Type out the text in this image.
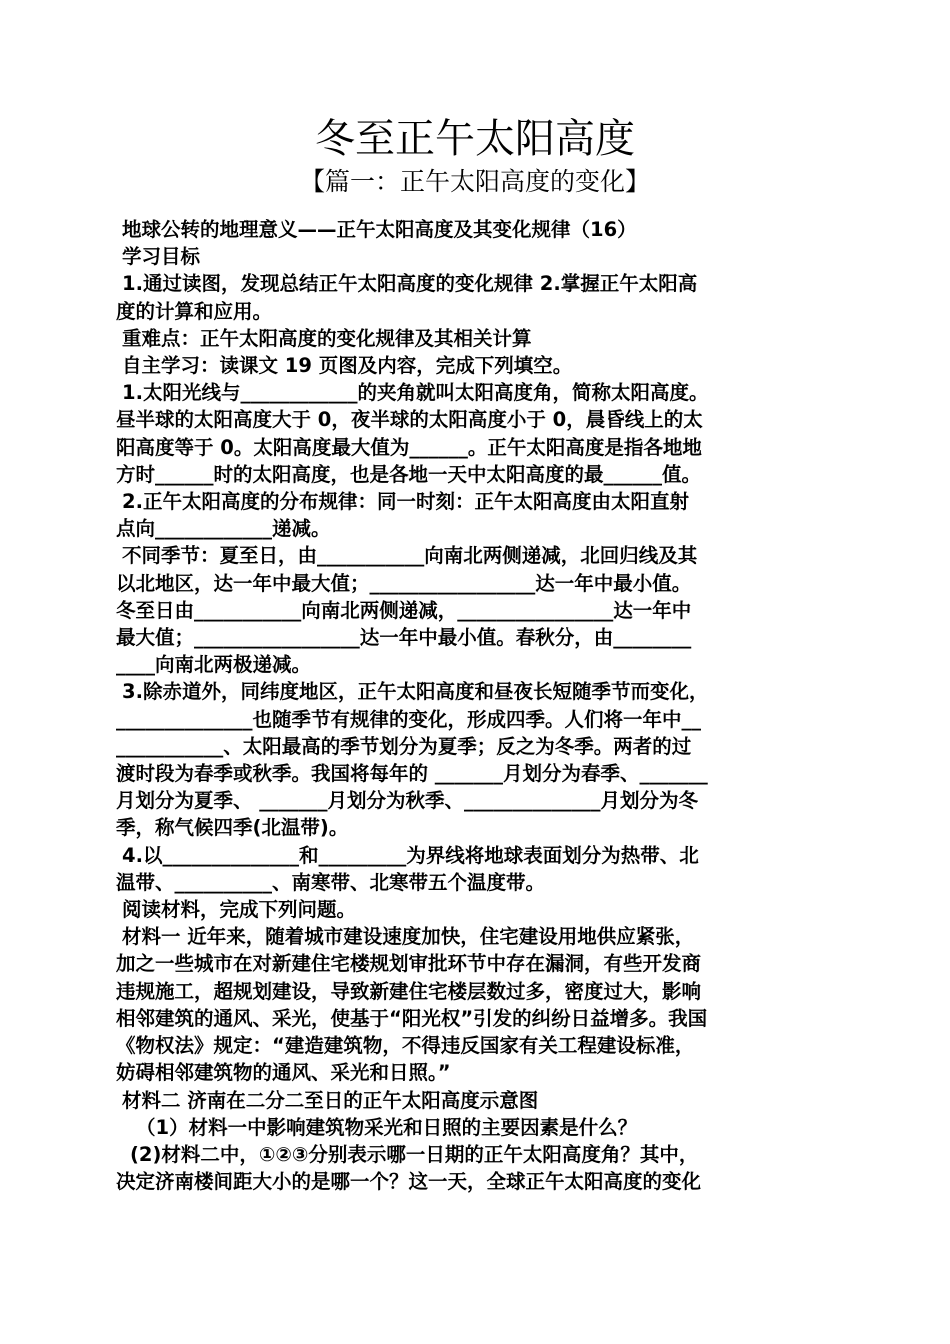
冬至正午太阳高度
【篇一：正午太阳高度的变化】

地球公转的地理意义——正午太阳高度及其变化规律（16）

学习目标

1.通过读图，发现总结正午太阳高度的变化规律 2.掌握正午太阳高

度的计算和应用。

重难点：正午太阳高度的变化规律及其相关计算

自主学习：读课文 19 页图及内容，完成下列填空。

1.太阳光线与____________的夹角就叫太阳高度角，简称太阳高度。

昼半球的太阳高度大于 0，夜半球的太阳高度小于 0，晨昏线上的太

阳高度等于 0。太阳高度最大值为______。正午太阳高度是指各地地

方时______时的太阳高度，也是各地一天中太阳高度的最______值。

2.正午太阳高度的分布规律：同一时刻：正午太阳高度由太阳直射

点向____________递减。

不同季节：夏至日，由___________向南北两侧递减，北回归线及其

以北地区，达一年中最大值；_________________达一年中最小值。

冬至日由___________向南北两侧递减，________________达一年中

最大值；_________________达一年中最小值。春秋分，由________

____向南北两极递减。

3.除赤道外，同纬度地区，正午太阳高度和昼夜长短随季节而变化，

______________也随季节有规律的变化，形成四季。人们将一年中__

___________、太阳最高的季节划分为夏季；反之为冬季。两者的过

渡时段为春季或秋季。我国将每年的 _______月划分为春季、_______

月划分为夏季、 _______月划分为秋季、______________月划分为冬

季，称气候四季(北温带)。

4.以______________和_________为界线将地球表面划分为热带、北

温带、__________、南寒带、北寒带五个温度带。

阅读材料，完成下列问题。

材料一 近年来，随着城市建设速度加快，住宅建设用地供应紧张，

加之一些城市在对新建住宅楼规划审批环节中存在漏洞，有些开发商

违规施工，超规划建设，导致新建住宅楼层数过多，密度过大，影响

相邻建筑的通风、采光，使基于“阳光权”引发的纠纷日益增多。我国

《物权法》规定：“建造建筑物，不得违反国家有关工程建设标准，

妨碍相邻建筑物的通风、采光和日照。”

材料二 济南在二分二至日的正午太阳高度示意图

（1）材料一中影响建筑物采光和日照的主要因素是什么？

(2)材料二中，①②③分别表示哪一日期的正午太阳高度角？其中，

决定济南楼间距大小的是哪一个？这一天，全球正午太阳高度的变化
